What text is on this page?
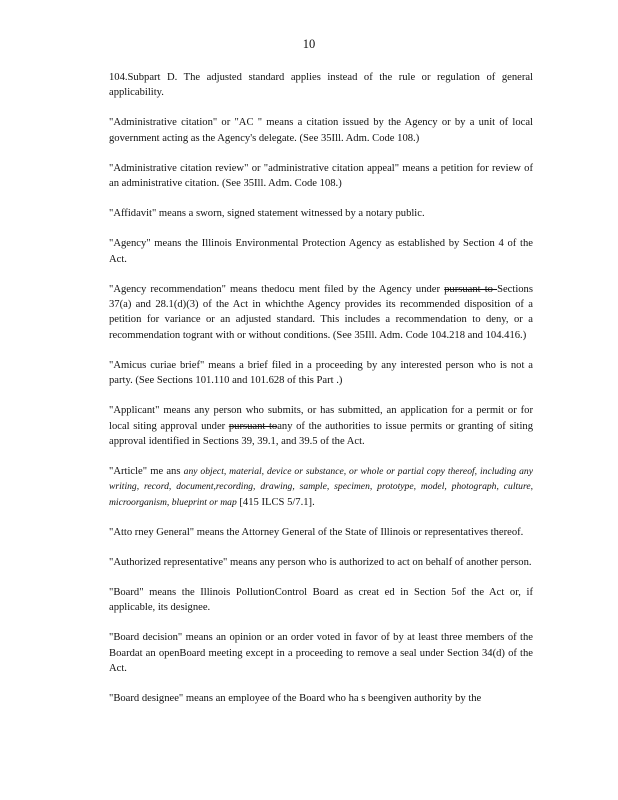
10

104.Subpart D. The adjusted standard applies instead of the rule or regulation of general applicability.

"Administrative citation" or "AC " means a citation issued by the Agency or by a unit of local government acting as the Agency's delegate. (See 35Ill. Adm. Code 108.)

"Administrative citation review" or "administrative citation appeal" means a petition for review of an administrative citation. (See 35Ill. Adm. Code 108.)

"Affidavit" means a sworn, signed statement witnessed by a notary public.

"Agency" means the Illinois Environmental Protection Agency as established by Section 4 of the Act.

"Agency recommendation" means thedocu ment filed by the Agency under pursuant to Sections 37(a) and 28.1(d)(3) of the Act in whichthe Agency provides its recommended disposition of a petition for variance or an adjusted standard. This includes a recommendation to deny, or a recommendation togrant with or without conditions. (See 35Ill. Adm. Code 104.218 and 104.416.)

"Amicus curiae brief" means a brief filed in a proceeding by any interested person who is not a party. (See Sections 101.110 and 101.628 of this Part .)

"Applicant" means any person who submits, or has submitted, an application for a permit or for local siting approval under pursuant toany of the authorities to issue permits or granting of siting approval identified in Sections 39, 39.1, and 39.5 of the Act.

"Article" me ans any object, material, device or substance, or whole or partial copy thereof, including any writing, record, document,recording, drawing, sample, specimen, prototype, model, photograph, culture, microorganism, blueprint or map [415 ILCS 5/7.1].

"Atto rney General" means the Attorney General of the State of Illinois or representatives thereof.

"Authorized representative" means any person who is authorized to act on behalf of another person.

"Board" means the Illinois PollutionControl Board as creat ed in Section 5of the Act or, if applicable, its designee.

"Board decision" means an opinion or an order voted in favor of by at least three members of the Boardat an openBoard meeting except in a proceeding to remove a seal under Section 34(d) of the Act.

"Board designee" means an employee of the Board who ha s beengiven authority by the
